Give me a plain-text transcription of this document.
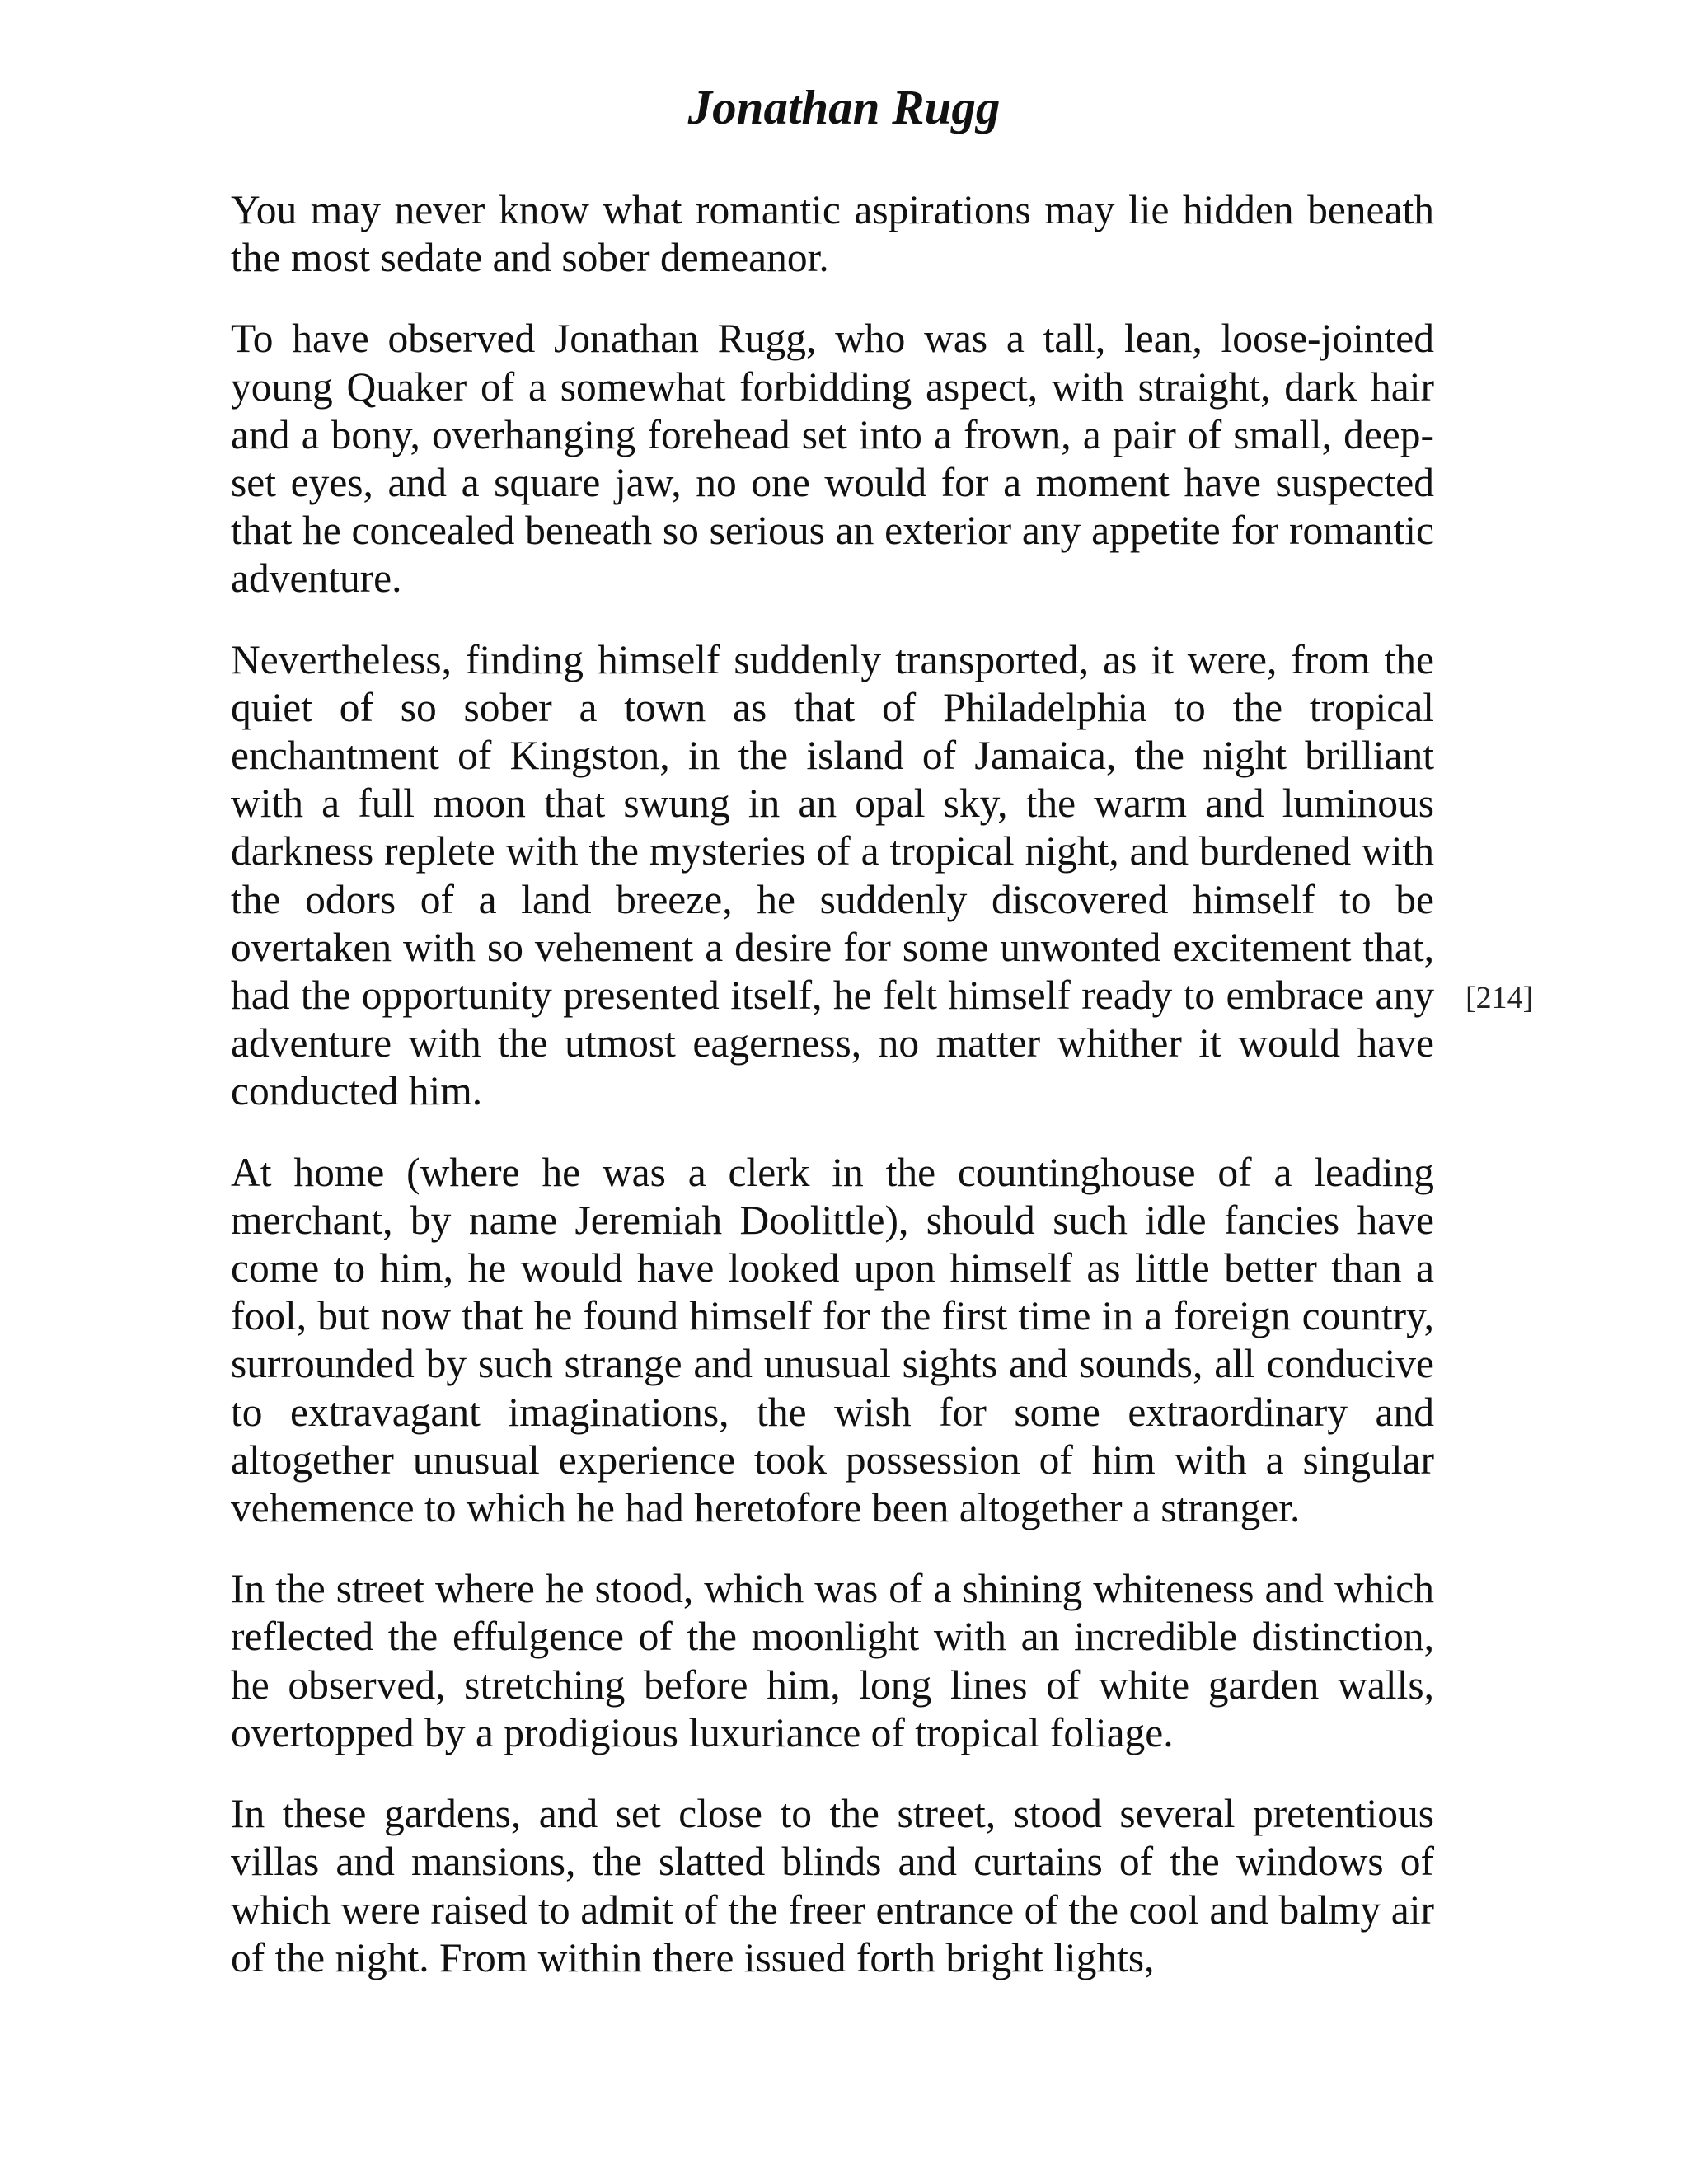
Jonathan Rugg

You may never know what romantic aspirations may lie hidden beneath the most sedate and sober demeanor.

To have observed Jonathan Rugg, who was a tall, lean, loose-jointed young Quaker of a somewhat forbidding aspect, with straight, dark hair and a bony, overhanging forehead set into a frown, a pair of small, deep-set eyes, and a square jaw, no one would for a moment have suspected that he concealed beneath so serious an exterior any appetite for romantic adventure.

Nevertheless, finding himself suddenly transported, as it were, from the quiet of so sober a town as that of Philadelphia to the tropical enchantment of Kingston, in the island of Jamaica, the night brilliant with a full moon that swung in an opal sky, the warm and luminous darkness replete with the mysteries of a tropical night, and burdened with the odors of a land breeze, he suddenly discovered himself to be overtaken with so vehement a desire for some unwonted excitement that, had the opportunity presented itself, he felt himself ready to embrace any adventure with the utmost eagerness, no matter whither it would have conducted him.

At home (where he was a clerk in the countinghouse of a leading merchant, by name Jeremiah Doolittle), should such idle fancies have come to him, he would have looked upon himself as little better than a fool, but now that he found himself for the first time in a foreign country, surrounded by such strange and unusual sights and sounds, all conducive to extravagant imaginations, the wish for some extraordinary and altogether unusual experience took possession of him with a singular vehemence to which he had heretofore been altogether a stranger.

In the street where he stood, which was of a shining whiteness and which reflected the effulgence of the moonlight with an incredible distinction, he observed, stretching before him, long lines of white garden walls, overtopped by a prodigious luxuriance of tropical foliage.

In these gardens, and set close to the street, stood several pretentious villas and mansions, the slatted blinds and curtains of the windows of which were raised to admit of the freer entrance of the cool and balmy air of the night. From within there issued forth bright lights,

[214]
